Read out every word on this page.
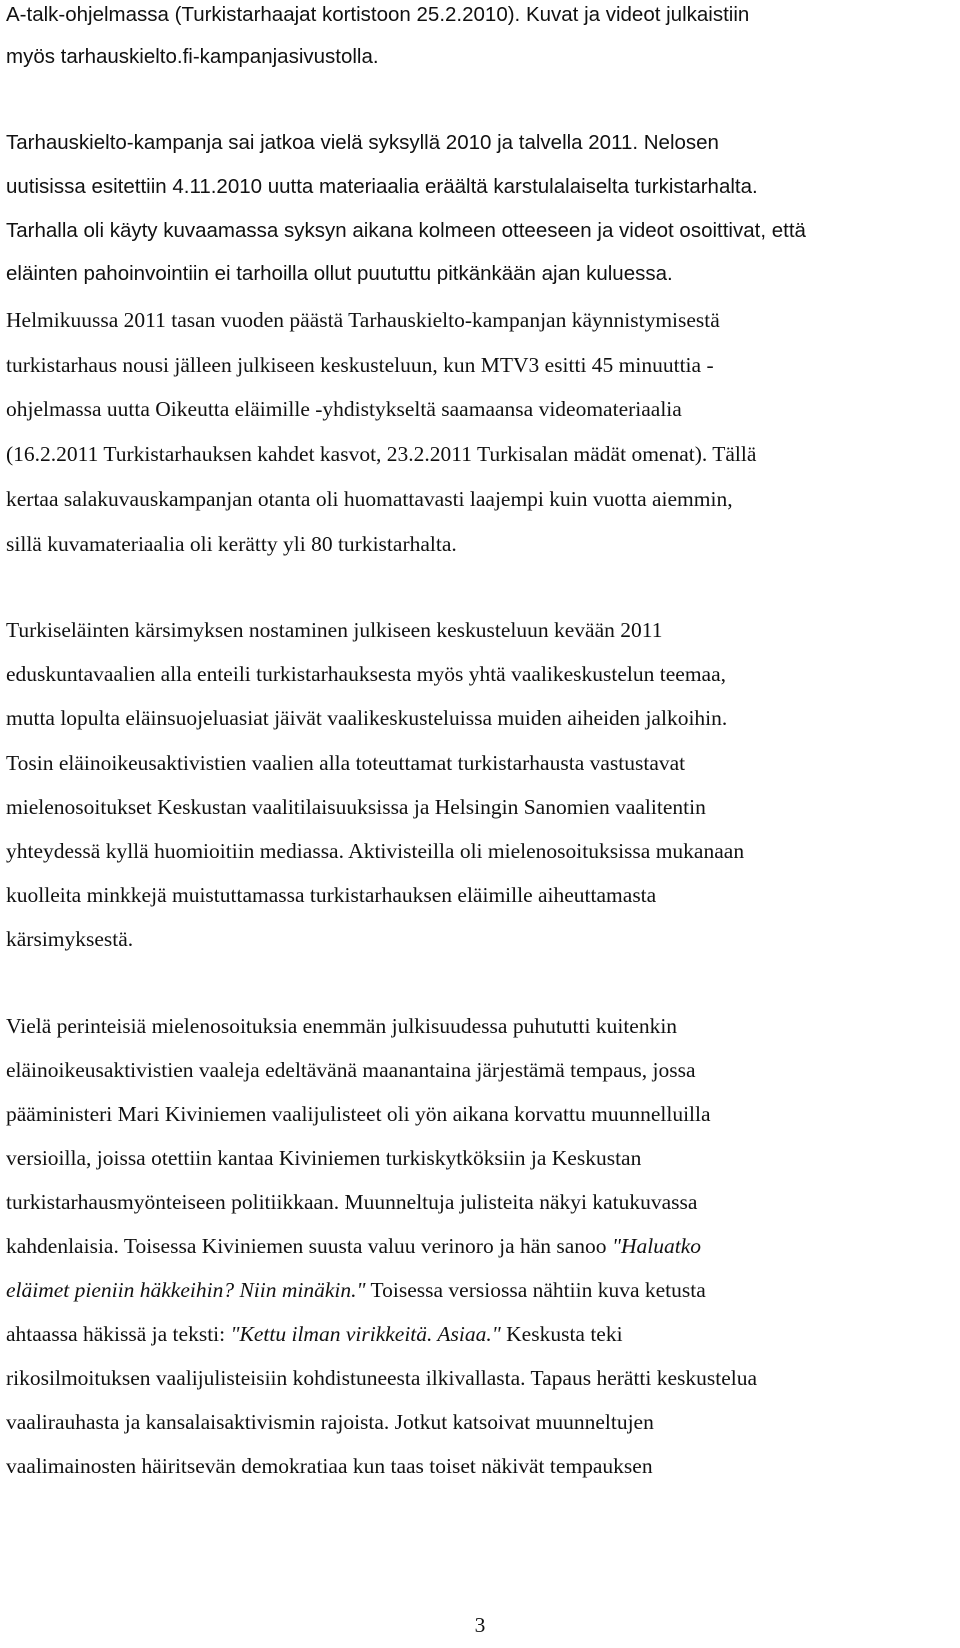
A-talk-ohjelmassa (Turkistarhaajat kortistoon 25.2.2010). Kuvat ja videot julkaistiin
myös tarhauskielto.fi-kampanjasivustolla.
Tarhauskielto-kampanja sai jatkoa vielä syksyllä 2010 ja talvella 2011. Nelosen
uutisissa esitettiin 4.11.2010 uutta materiaalia eräältä karstulalaiselta turkistarhalta.
Tarhalla oli käyty kuvaamassa syksyn aikana kolmeen otteeseen ja videot osoittivat, että
eläinten pahoinvointiin ei tarhoilla ollut puututtu pitkänkään ajan kuluessa.
Helmikuussa 2011 tasan vuoden päästä Tarhauskielto-kampanjan käynnistymisestä
turkistarhaus nousi jälleen julkiseen keskusteluun, kun MTV3 esitti 45 minuuttia -
ohjelmassa uutta Oikeutta eläimille -yhdistykseltä saamaansa videomateriaalia
(16.2.2011 Turkistarhauksen kahdet kasvot, 23.2.2011 Turkisalan mädät omenat). Tällä
kertaa salakuvauskampanjan otanta oli huomattavasti laajempi kuin vuotta aiemmin,
sillä kuvamateriaalia oli kerätty yli 80 turkistarhalta.
Turkiseläinten kärsimyksen nostaminen julkiseen keskusteluun kevään 2011
eduskuntavaalien alla enteili turkistarhauksesta myös yhtä vaalikeskustelun teemaa,
mutta lopulta eläinsuojeluasiat jäivät vaalikeskusteluissa muiden aiheiden jalkoihin.
Tosin eläinoikeusaktivistien vaalien alla toteuttamat turkistarhausta vastustavat
mielenosoitukset Keskustan vaalitilaisuuksissa ja Helsingin Sanomien vaalitentin
yhteydessä kyllä huomioitiin mediassa. Aktivisteilla oli mielenosoituksissa mukanaan
kuolleita minkkejä muistuttamassa turkistarhauksen eläimille aiheuttamasta
kärsimyksestä.
Vielä perinteisiä mielenosoituksia enemmän julkisuudessa puhututti kuitenkin
eläinoikeusaktivistien vaaleja edeltävänä maanantaina järjestämä tempaus, jossa
pääministeri Mari Kiviniemen vaalijulisteet oli yön aikana korvattu muunnelluilla
versioilla, joissa otettiin kantaa Kiviniemen turkiskytköksiin ja Keskustan
turkistarhausmyönteiseen politiikkaan. Muunneltuja julisteita näkyi katukuvassa
kahdenlaisia. Toisessa Kiviniemen suusta valuu verinoro ja hän sanoo "Haluatko
eläimet pieniin häkkeihin? Niin minäkin." Toisessa versiossa nähtiin kuva ketusta
ahtaassa häkissä ja teksti: "Kettu ilman virikkeitä. Asiaa." Keskusta teki
rikosilmoituksen vaalijulisteisiin kohdistuneesta ilkivallasta. Tapaus herätti keskustelua
vaalirauhasta ja kansalaisaktivismin rajoista. Jotkut katsoivat muunneltujen
vaalimainosten häiritsevän demokratiaa kun taas toiset näkivät tempauksen
3
